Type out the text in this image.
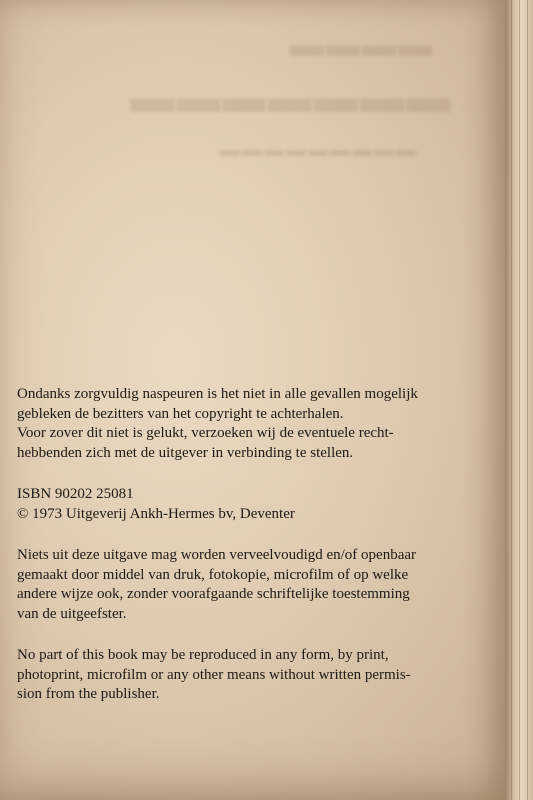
▬▬▬▬
▬▬▬▬▬▬▬
▬▬▬▬▬▬▬▬▬
Ondanks zorgvuldig naspeuren is het niet in alle gevallen mogelijk
gebleken de bezitters van het copyright te achterhalen.
Voor zover dit niet is gelukt, verzoeken wij de eventuele recht-
hebbenden zich met de uitgever in verbinding te stellen.
ISBN 90202 25081
© 1973 Uitgeverij Ankh-Hermes bv, Deventer
Niets uit deze uitgave mag worden verveelvoudigd en/of openbaar
gemaakt door middel van druk, fotokopie, microfilm of op welke
andere wijze ook, zonder voorafgaande schriftelijke toestemming
van de uitgeefster.
No part of this book may be reproduced in any form, by print,
photoprint, microfilm or any other means without written permis-
sion from the publisher.
